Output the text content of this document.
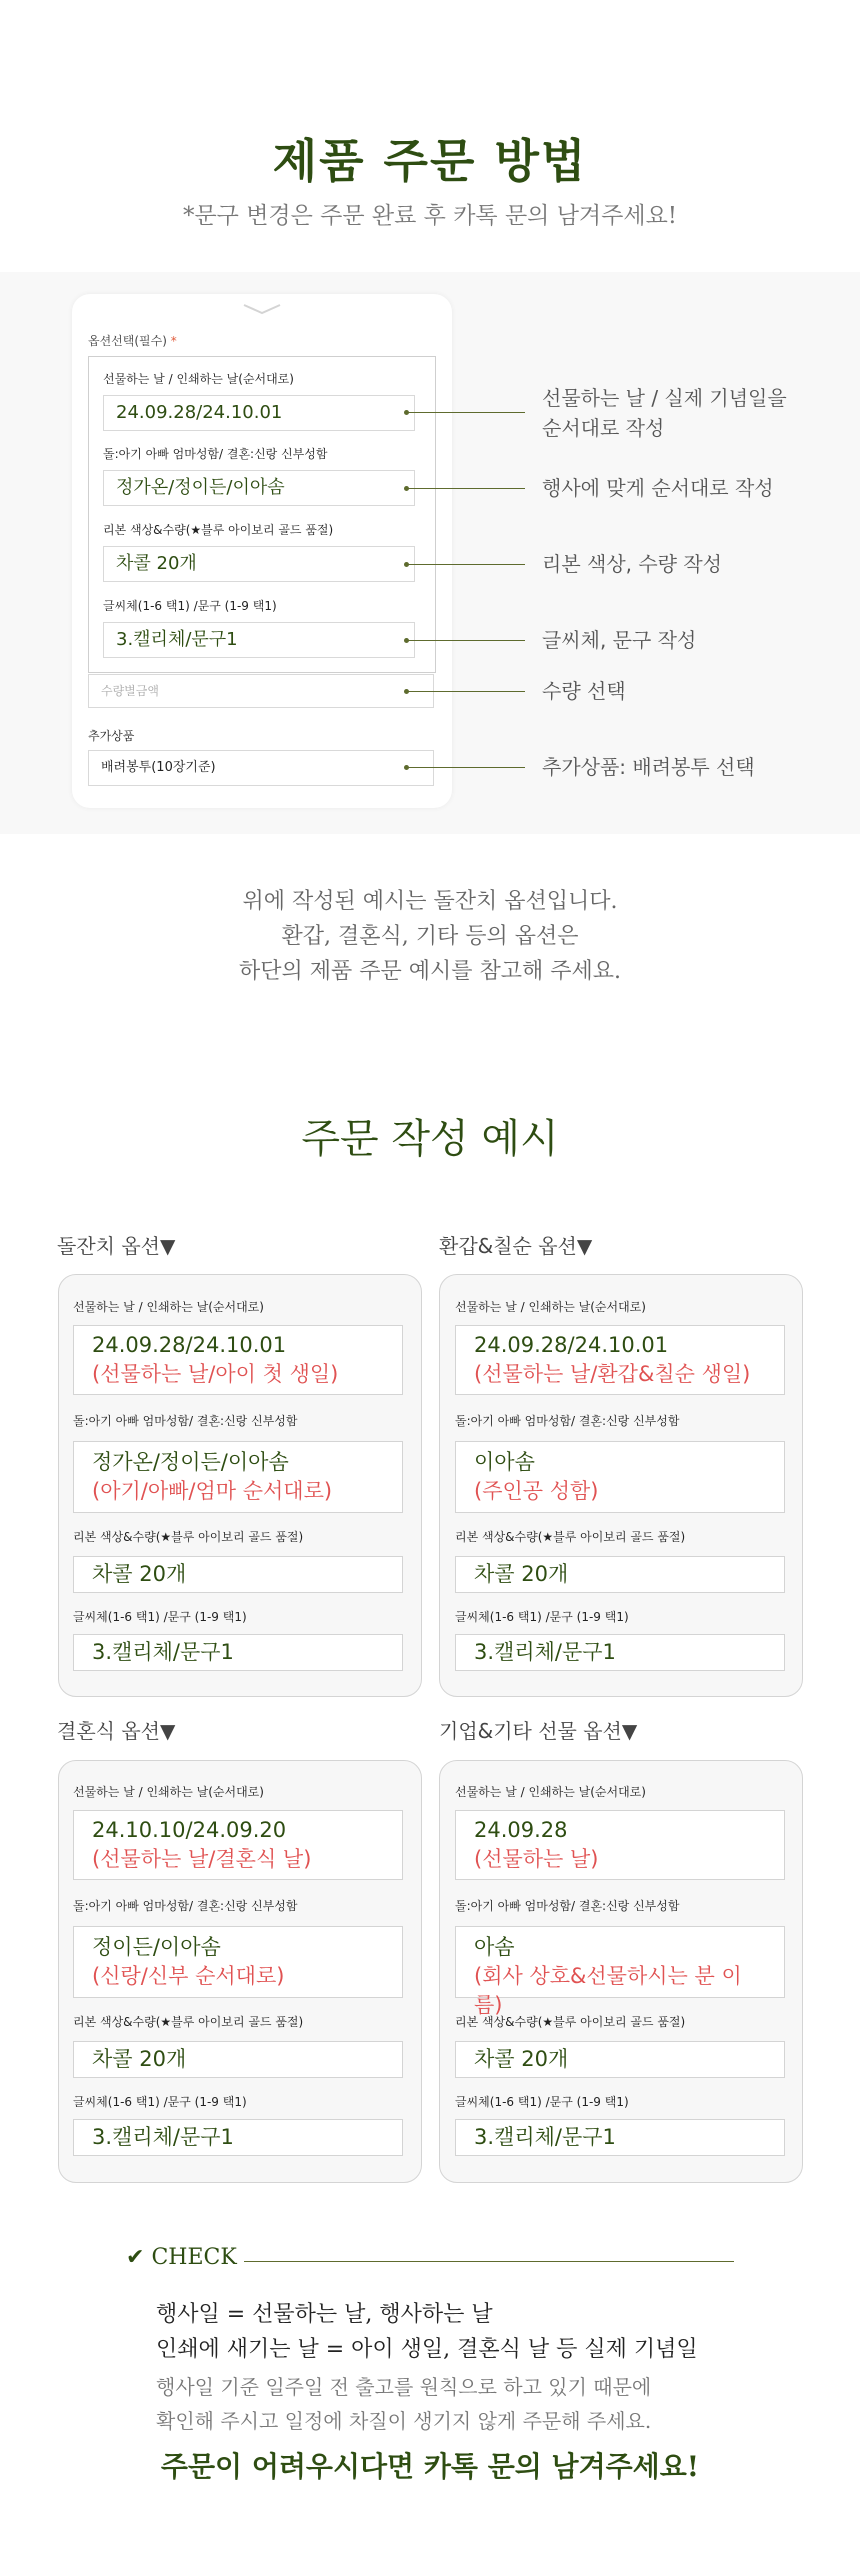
제품 주문 방법
*문구 변경은 주문 완료 후 카톡 문의 남겨주세요!
옵션선택(필수) *
선물하는 날 / 인쇄하는 날(순서대로)
24.09.28/24.10.01
돌:아기 아빠 엄마성함/ 결혼:신랑 신부성함
정가온/정이든/이아솜
리본 색상&수량(★블루 아이보리 골드 품절)
차콜 20개
글씨체(1-6 택1) /문구 (1-9 택1)
3.캘리체/문구1
수량별금액
추가상품
배려봉투(10장기준)
선물하는 날 / 실제 기념일을
순서대로 작성
행사에 맞게 순서대로 작성
리본 색상, 수량 작성
글씨체, 문구 작성
수량 선택
추가상품: 배려봉투 선택
위에 작성된 예시는 돌잔치 옵션입니다.
환갑, 결혼식, 기타 등의 옵션은
하단의 제품 주문 예시를 참고해 주세요.
주문 작성 예시
돌잔치 옵션▼
선물하는 날 / 인쇄하는 날(순서대로)
24.09.28/24.10.01
(선물하는 날/아이 첫 생일)
돌:아기 아빠 엄마성함/ 결혼:신랑 신부성함
정가온/정이든/이아솜
(아기/아빠/엄마 순서대로)
리본 색상&수량(★블루 아이보리 골드 품절)
차콜 20개
글씨체(1-6 택1) /문구 (1-9 택1)
3.캘리체/문구1
환갑&칠순 옵션▼
선물하는 날 / 인쇄하는 날(순서대로)
24.09.28/24.10.01
(선물하는 날/환갑&칠순 생일)
돌:아기 아빠 엄마성함/ 결혼:신랑 신부성함
이아솜
(주인공 성함)
리본 색상&수량(★블루 아이보리 골드 품절)
차콜 20개
글씨체(1-6 택1) /문구 (1-9 택1)
3.캘리체/문구1
결혼식 옵션▼
선물하는 날 / 인쇄하는 날(순서대로)
24.10.10/24.09.20
(선물하는 날/결혼식 날)
돌:아기 아빠 엄마성함/ 결혼:신랑 신부성함
정이든/이아솜
(신랑/신부 순서대로)
리본 색상&수량(★블루 아이보리 골드 품절)
차콜 20개
글씨체(1-6 택1) /문구 (1-9 택1)
3.캘리체/문구1
기업&기타 선물 옵션▼
선물하는 날 / 인쇄하는 날(순서대로)
24.09.28
(선물하는 날)
돌:아기 아빠 엄마성함/ 결혼:신랑 신부성함
아솜
(회사 상호&선물하시는 분 이름)
리본 색상&수량(★블루 아이보리 골드 품절)
차콜 20개
글씨체(1-6 택1) /문구 (1-9 택1)
3.캘리체/문구1
✔ CHECK
행사일 = 선물하는 날, 행사하는 날
인쇄에 새기는 날 = 아이 생일, 결혼식 날 등 실제 기념일
행사일 기준 일주일 전 출고를 원칙으로 하고 있기 때문에
확인해 주시고 일정에 차질이 생기지 않게 주문해 주세요.
주문이 어려우시다면 카톡 문의 남겨주세요!
